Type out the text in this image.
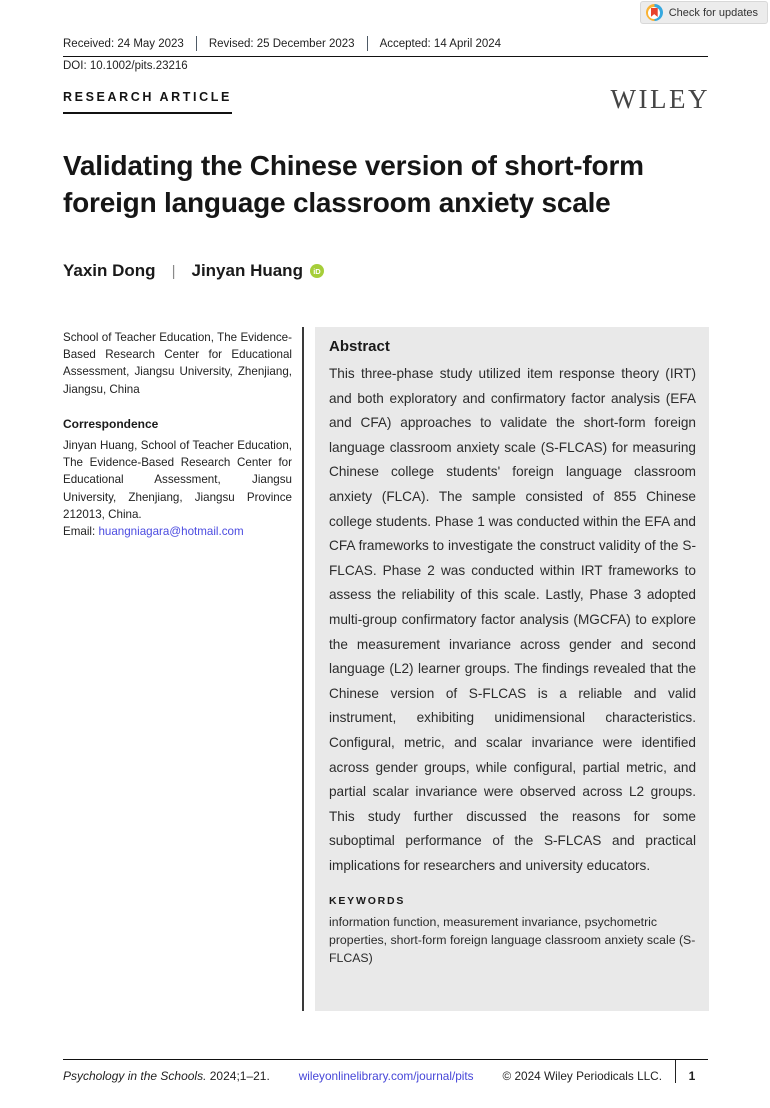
Check for updates
Received: 24 May 2023 Revised: 25 December 2023 Accepted: 14 April 2024
DOI: 10.1002/pits.23216
RESEARCH ARTICLE	WILEY
Validating the Chinese version of short-form foreign language classroom anxiety scale
Yaxin Dong | Jinyan Huang	iD

School of Teacher Education, The Evidence-Based Research Center for Educational Assessment, Jiangsu University, Zhenjiang, Jiangsu, China

Correspondence

Jinyan Huang, School of Teacher Education, The Evidence-Based Research Center for Educational Assessment, Jiangsu University, Zhenjiang, Jiangsu Province 212013, China.
Email: huangniagara@hotmail.com

Abstract

This three-phase study utilized item response theory (IRT) and both exploratory and confirmatory factor analysis (EFA and CFA) approaches to validate the short-form foreign language classroom anxiety scale (S-FLCAS) for measuring Chinese college students' foreign language classroom anxiety (FLCA). The sample consisted of 855 Chinese college students. Phase 1 was conducted within the EFA and CFA frameworks to investigate the construct validity of the S-FLCAS. Phase 2 was conducted within IRT frameworks to assess the reliability of this scale. Lastly, Phase 3 adopted multi-group confirmatory factor analysis (MGCFA) to explore the measurement invariance across gender and second language (L2) learner groups. The findings revealed that the Chinese version of S-FLCAS is a reliable and valid instrument, exhibiting unidimensional characteristics. Configural, metric, and scalar invariance were identified across gender groups, while configural, partial metric, and partial scalar invariance were observed across L2 groups. This study further discussed the reasons for some suboptimal performance of the S-FLCAS and practical implications for researchers and university educators.

KEYWORDS

information function, measurement invariance, psychometric properties, short-form foreign language classroom anxiety scale (S-FLCAS)

Psychology in the Schools. 2024;1–21. wileyonlinelibrary.com/journal/pits © 2024 Wiley Periodicals LLC.	1
